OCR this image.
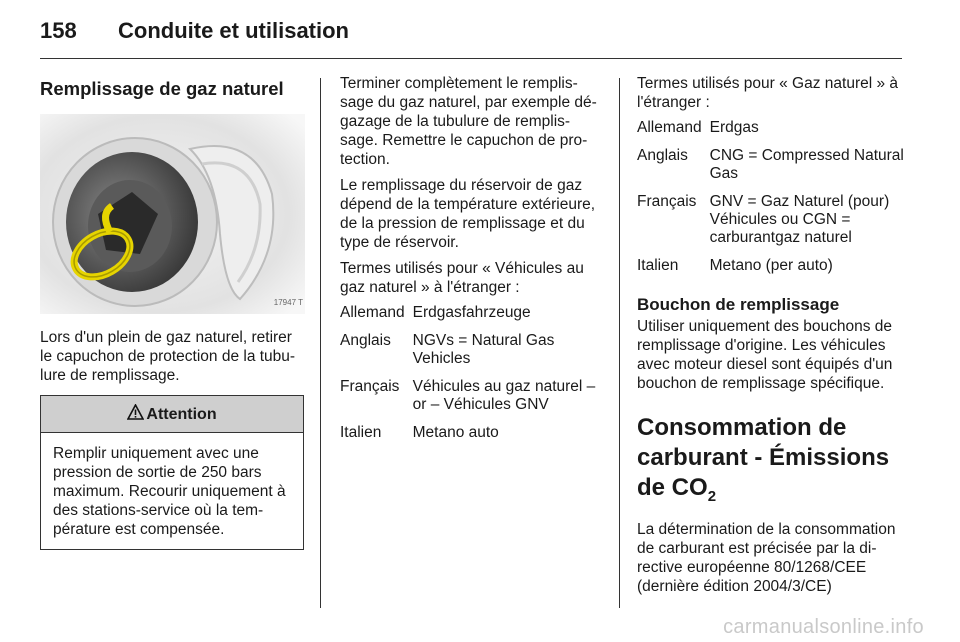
158	Conduite et utilisation
Remplissage de gaz naturel
17947 T

Lors d'un plein de gaz naturel, retirer le capuchon de protection de la tubu- lure de remplissage.

Attention
Remplir uniquement avec une pression de sortie de 250 bars maximum. Recourir uniquement à des stations-service où la tem- pérature est compensée.

Terminer complètement le remplis- sage du gaz naturel, par exemple dé- gazage de la tubulure de remplis- sage. Remettre le capuchon de pro- tection.

Le remplissage du réservoir de gaz dépend de la température extérieure, de la pression de remplissage et du type de réservoir.

Termes utilisés pour « Véhicules au gaz naturel » à l'étranger :

Allemand	Erdgasfahrzeuge
Anglais	NGVs = Natural Gas Vehicles
Français	Véhicules au gaz naturel – or – Véhicules GNV
Italien	Metano auto

Termes utilisés pour « Gaz naturel » à l'étranger :

Allemand	Erdgas
Anglais	CNG = Compressed Natural Gas
Français	GNV = Gaz Naturel (pour) Véhicules ou CGN = carburantgaz naturel
Italien	Metano (per auto)
Bouchon de remplissage

Utiliser uniquement des bouchons de remplissage d'origine. Les véhicules avec moteur diesel sont équipés d'un bouchon de remplissage spécifique.

Consommation de carburant - Émissions de $CO_2$

La détermination de la consommation de carburant est précisée par la di- rective européenne 80/1268/CEE (dernière édition 2004/3/CE)

carmanualsonline.info
